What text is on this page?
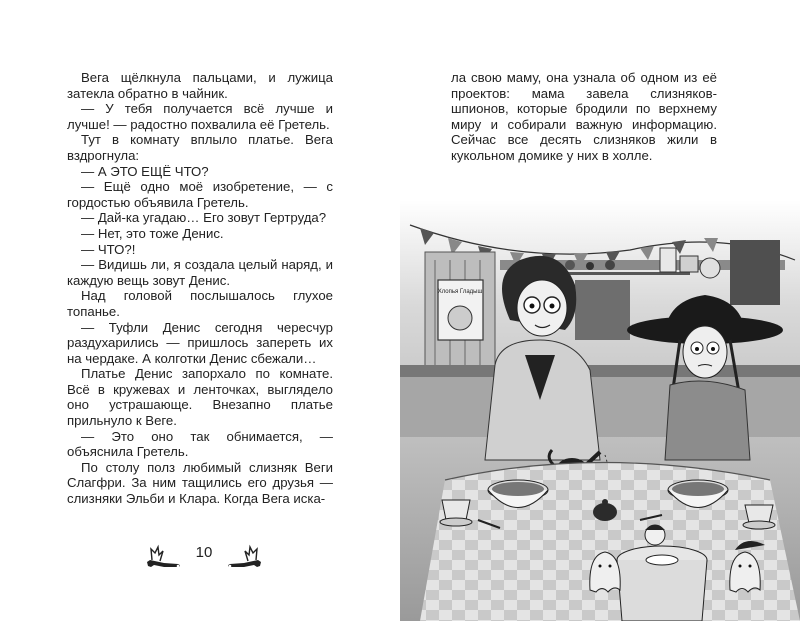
Вега щёлкнула пальцами, и лужица затекла обратно в чайник.

— У тебя получается всё лучше и лучше! — радостно похвалила её Гретель.

Тут в комнату вплыло платье. Вега вздрогнула:

— А ЭТО ЕЩЁ ЧТО?

— Ещё одно моё изобретение, — с гордостью объявила Гретель.

— Дай-ка угадаю… Его зовут Гертруда?

— Нет, это тоже Денис.

— ЧТО?!

— Видишь ли, я создала целый наряд, и каждую вещь зовут Денис.

Над головой послышалось глухое топанье.

— Туфли Денис сегодня чересчур раздухарились — пришлось запереть их на чердаке. А колготки Денис сбежали…

Платье Денис запорхало по комнате. Всё в кружевах и ленточках, выглядело оно устрашающе. Внезапно платье прильнуло к Веге.

— Это оно так обнимается, — объяснила Гретель.

По столу полз любимый слизняк Веги Слагфри. За ним тащились его друзья — слизняки Эльби и Клара. Когда Вега иска-

10

ла свою маму, она узнала об одном из её проектов: мама завела слизняков-шпионов, которые бродили по верхнему миру и собирали важную информацию. Сейчас все десять слизняков жили в кукольном домике у них в холле.

Хлопья Гладыш
